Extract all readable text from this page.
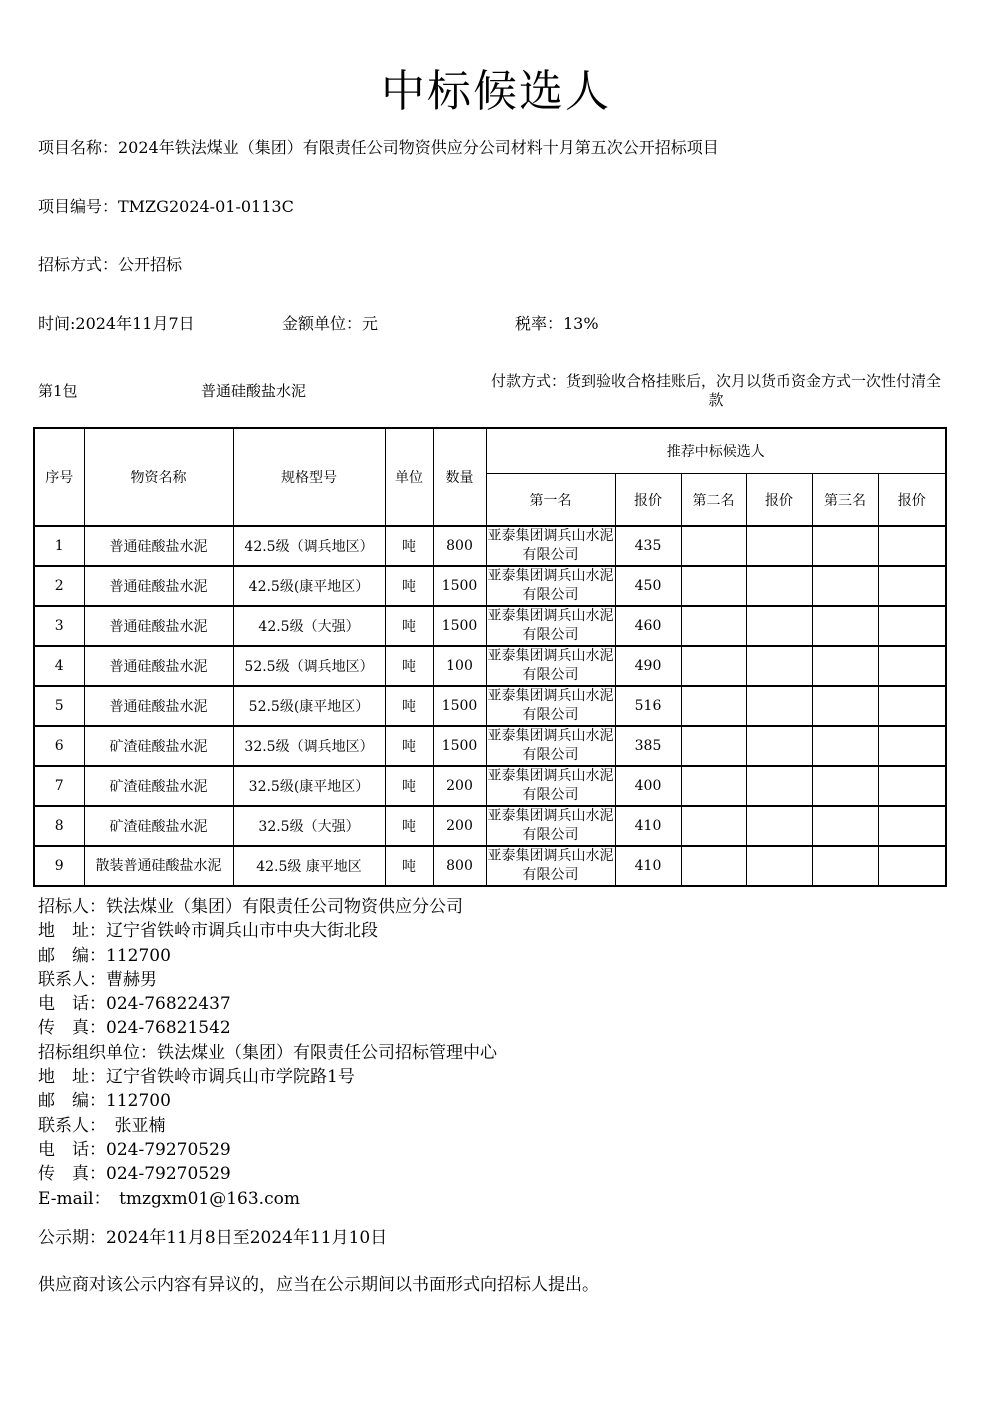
中标候选人
项目名称：2024年铁法煤业（集团）有限责任公司物资供应分公司材料十月第五次公开招标项目
项目编号：TMZG2024-01-0113C
招标方式：公开招标
时间:2024年11月7日	金额单位：元	税率：13%
第1包	普通硅酸盐水泥
付款方式：货到验收合格挂账后，次月以货币资金方式一次性付清全款
序号	物资名称	规格型号	单位	数量	推荐中标候选人					
					第一名	报价	第二名	报价	第三名	报价
1	普通硅酸盐水泥	42.5级（调兵地区）	吨	800	亚泰集团调兵山水泥有限公司	435				
2	普通硅酸盐水泥	42.5级(康平地区）	吨	1500	亚泰集团调兵山水泥有限公司	450				
3	普通硅酸盐水泥	42.5级（大强）	吨	1500	亚泰集团调兵山水泥有限公司	460				
4	普通硅酸盐水泥	52.5级（调兵地区）	吨	100	亚泰集团调兵山水泥有限公司	490				
5	普通硅酸盐水泥	52.5级(康平地区）	吨	1500	亚泰集团调兵山水泥有限公司	516				
6	矿渣硅酸盐水泥	32.5级（调兵地区）	吨	1500	亚泰集团调兵山水泥有限公司	385				
7	矿渣硅酸盐水泥	32.5级(康平地区）	吨	200	亚泰集团调兵山水泥有限公司	400				
8	矿渣硅酸盐水泥	32.5级（大强）	吨	200	亚泰集团调兵山水泥有限公司	410				
9	散装普通硅酸盐水泥	42.5级 康平地区	吨	800	亚泰集团调兵山水泥有限公司	410				
招标人：铁法煤业（集团）有限责任公司物资供应分公司
地　址：辽宁省铁岭市调兵山市中央大街北段
邮　编：112700
联系人：曹赫男
电　话：024-76822437
传　真：024-76821542
招标组织单位：铁法煤业（集团）有限责任公司招标管理中心
地　址：辽宁省铁岭市调兵山市学院路1号
邮　编：112700
联系人：　张亚楠
电　话：024-79270529
传　真：024-79270529
E-mail：　tmzgxm01@163.com
公示期：2024年11月8日至2024年11月10日
供应商对该公示内容有异议的，应当在公示期间以书面形式向招标人提出。
